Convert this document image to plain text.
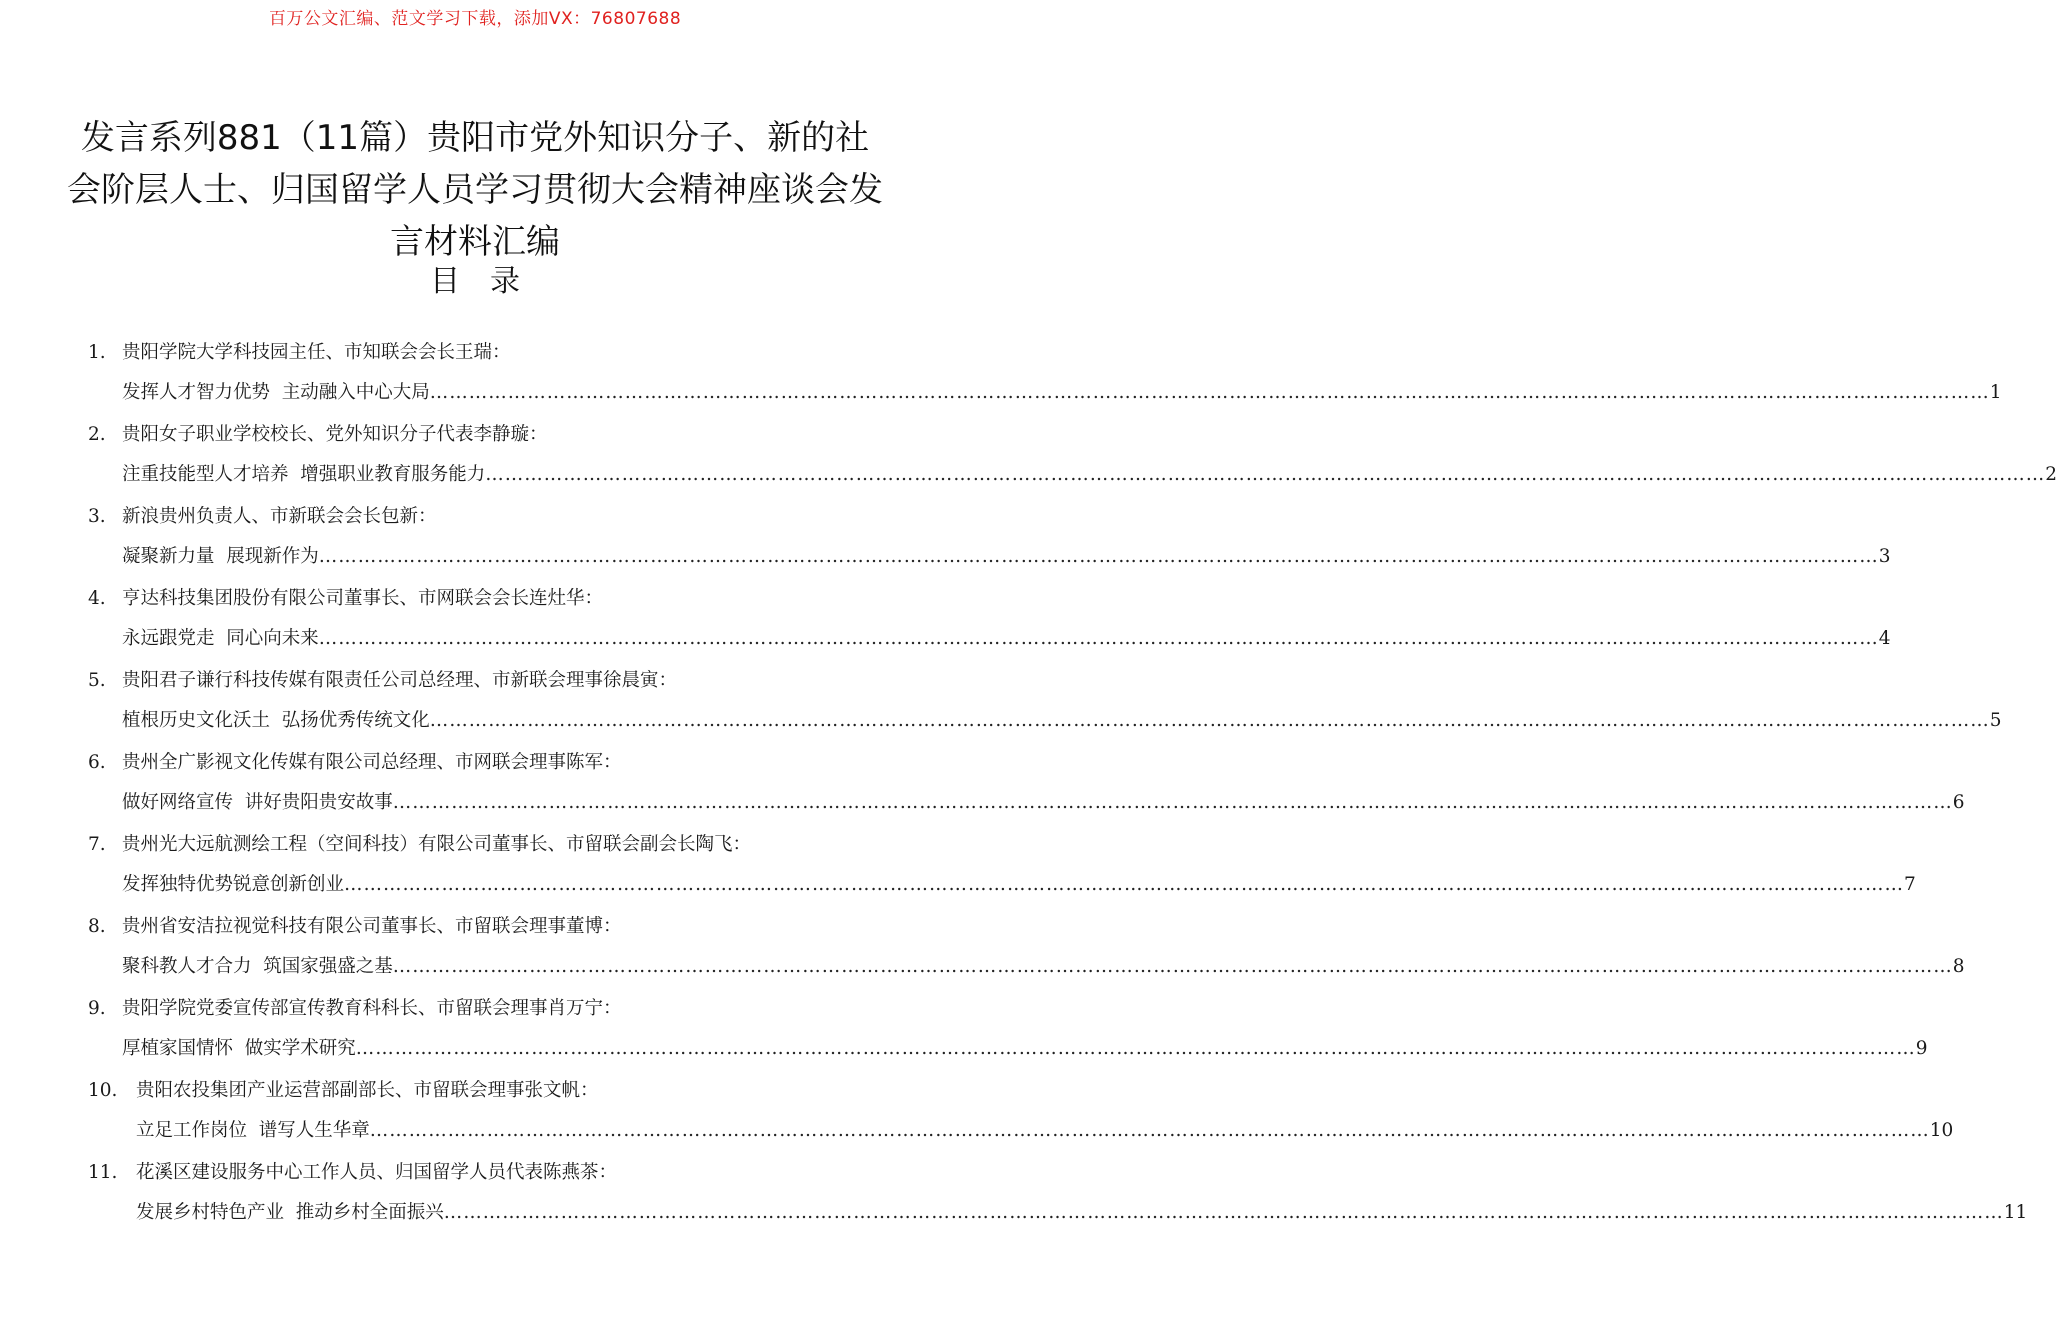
百万公文汇编、范文学习下载，添加VX：76807688
发言系列881（11篇）贵阳市党外知识分子、新的社
会阶层人士、归国留学人员学习贯彻大会精神座谈会发
言材料汇编
目录
1. 贵阳学院大学科技园主任、市知联会会长王瑞：
发挥人才智力优势  主动融入中心大局 …………………………………………………………………………………………………………………………………………………………………………………………………………………… 1
2. 贵阳女子职业学校校长、党外知识分子代表李静璇：
注重技能型人才培养  增强职业教育服务能力 …………………………………………………………………………………………………………………………………………………………………………………………………………………… 2
3. 新浪贵州负责人、市新联会会长包新：
凝聚新力量  展现新作为 …………………………………………………………………………………………………………………………………………………………………………………………………………………… 3
4. 亨达科技集团股份有限公司董事长、市网联会会长连灶华：
永远跟党走  同心向未来 …………………………………………………………………………………………………………………………………………………………………………………………………………………… 4
5. 贵阳君子谦行科技传媒有限责任公司总经理、市新联会理事徐晨寅：
植根历史文化沃土  弘扬优秀传统文化 …………………………………………………………………………………………………………………………………………………………………………………………………………………… 5
6. 贵州全广影视文化传媒有限公司总经理、市网联会理事陈军：
做好网络宣传  讲好贵阳贵安故事 …………………………………………………………………………………………………………………………………………………………………………………………………………………… 6
7. 贵州光大远航测绘工程（空间科技）有限公司董事长、市留联会副会长陶飞：
发挥独特优势锐意创新创业 …………………………………………………………………………………………………………………………………………………………………………………………………………………… 7
8. 贵州省安洁拉视觉科技有限公司董事长、市留联会理事董博：
聚科教人才合力  筑国家强盛之基 …………………………………………………………………………………………………………………………………………………………………………………………………………………… 8
9. 贵阳学院党委宣传部宣传教育科科长、市留联会理事肖万宁：
厚植家国情怀  做实学术研究 …………………………………………………………………………………………………………………………………………………………………………………………………………………… 9
10. 贵阳农投集团产业运营部副部长、市留联会理事张文帆：
立足工作岗位  谱写人生华章 …………………………………………………………………………………………………………………………………………………………………………………………………………………… 10
11. 花溪区建设服务中心工作人员、归国留学人员代表陈燕茶：
发展乡村特色产业  推动乡村全面振兴 …………………………………………………………………………………………………………………………………………………………………………………………………………………… 11
